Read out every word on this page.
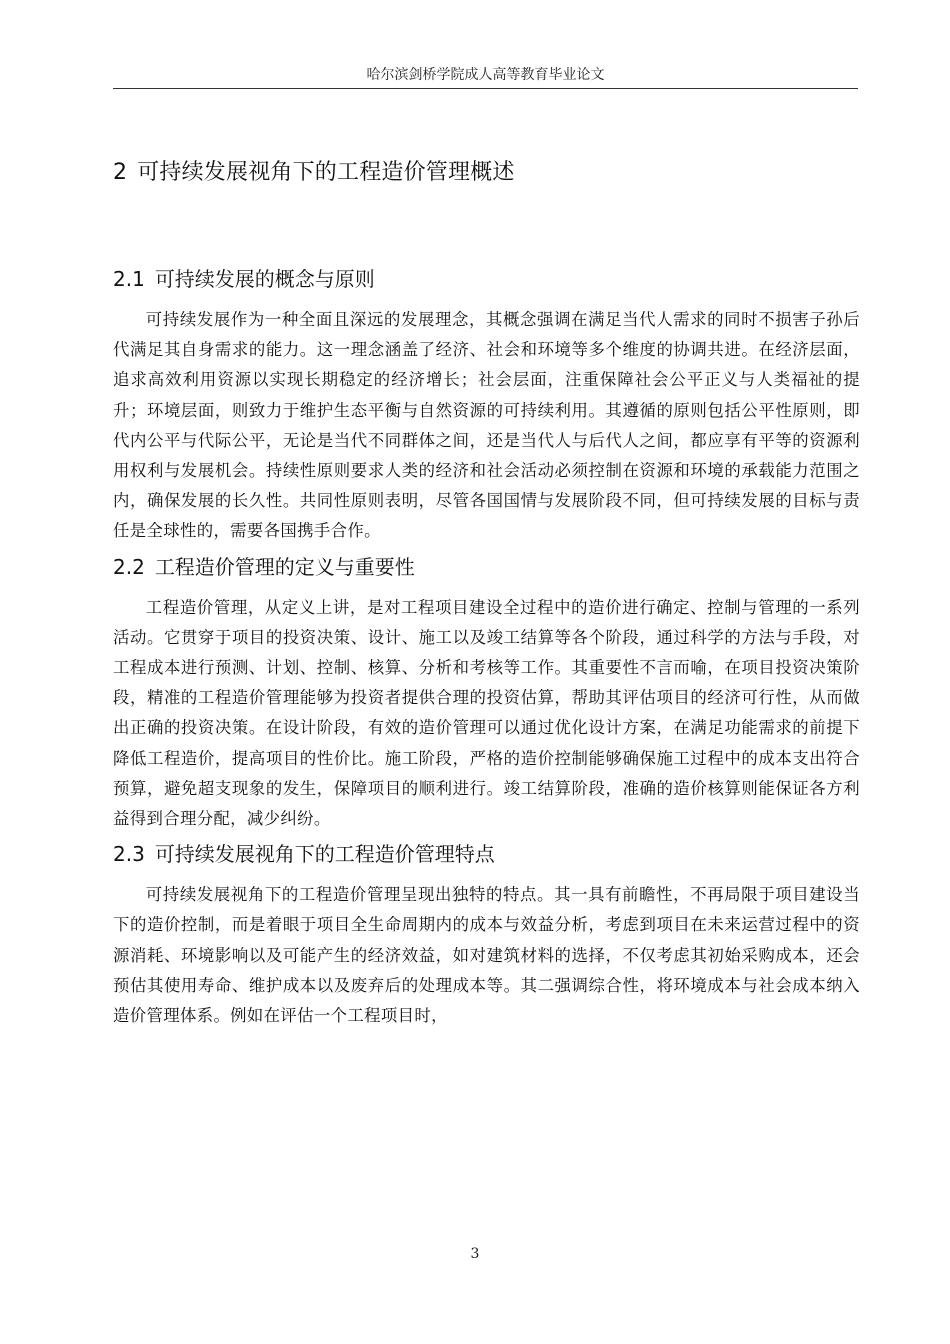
哈尔滨剑桥学院成人高等教育毕业论文
2 可持续发展视角下的工程造价管理概述
2.1 可持续发展的概念与原则

可持续发展作为一种全面且深远的发展理念，其概念强调在满足当代人需求的同时不损害子孙后代满足其自身需求的能力。这一理念涵盖了经济、社会和环境等多个维度的协调共进。在经济层面，追求高效利用资源以实现长期稳定的经济增长；社会层面，注重保障社会公平正义与人类福祉的提升；环境层面，则致力于维护生态平衡与自然资源的可持续利用。其遵循的原则包括公平性原则，即代内公平与代际公平，无论是当代不同群体之间，还是当代人与后代人之间，都应享有平等的资源利用权利与发展机会。持续性原则要求人类的经济和社会活动必须控制在资源和环境的承载能力范围之内，确保发展的长久性。共同性原则表明，尽管各国国情与发展阶段不同，但可持续发展的目标与责任是全球性的，需要各国携手合作。

2.2 工程造价管理的定义与重要性

工程造价管理，从定义上讲，是对工程项目建设全过程中的造价进行确定、控制与管理的一系列活动。它贯穿于项目的投资决策、设计、施工以及竣工结算等各个阶段，通过科学的方法与手段，对工程成本进行预测、计划、控制、核算、分析和考核等工作。其重要性不言而喻，在项目投资决策阶段，精准的工程造价管理能够为投资者提供合理的投资估算，帮助其评估项目的经济可行性，从而做出正确的投资决策。在设计阶段，有效的造价管理可以通过优化设计方案，在满足功能需求的前提下降低工程造价，提高项目的性价比。施工阶段，严格的造价控制能够确保施工过程中的成本支出符合预算，避免超支现象的发生，保障项目的顺利进行。竣工结算阶段，准确的造价核算则能保证各方利益得到合理分配，减少纠纷。

2.3 可持续发展视角下的工程造价管理特点

可持续发展视角下的工程造价管理呈现出独特的特点。其一具有前瞻性，不再局限于项目建设当下的造价控制，而是着眼于项目全生命周期内的成本与效益分析，考虑到项目在未来运营过程中的资源消耗、环境影响以及可能产生的经济效益，如对建筑材料的选择，不仅考虑其初始采购成本，还会预估其使用寿命、维护成本以及废弃后的处理成本等。其二强调综合性，将环境成本与社会成本纳入造价管理体系。例如在评估一个工程项目时，

3
